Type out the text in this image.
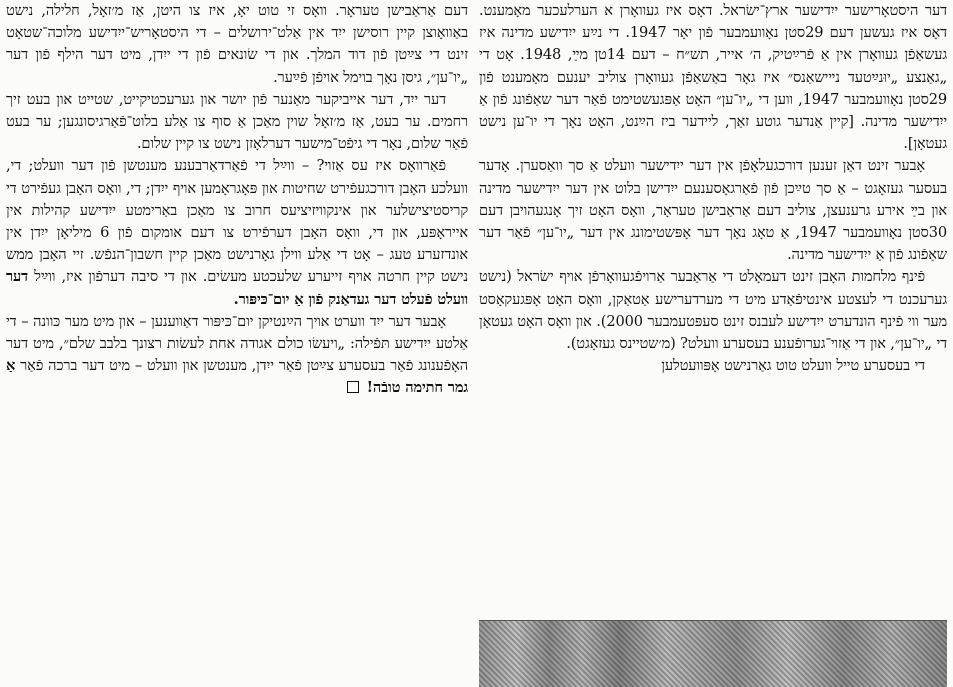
דער היסטאָרישער ייִדישער ארץ־ישׂראל. דאָס איז געוואָרן א הערלעכער מאָמענט. דאָס איז געשען דעם 29סטן נאָוועמבער פֿון יאָר 1947. די נײַע ייִדישע מדינה איז געשאַפֿן געוואָרן אין אַ פֿרײַטיק, ה׳ אייר, תש״ח – דעם 14טן מײַ, 1948. אָט די „גאַנצע „יוּנײַטעד נײישאַנס״ איז גאָר באַשאַפֿן געוואָרן צוליב יענעם מאָמענט פֿון 29סטן נאָוועמבער 1947, ווען די „יו־ען״ האָט אַפּגעשטימט פֿאַר דער שאַפֿונג פֿון אַ ייִדישער מדינה. [קיין אַנדער גוטע זאַך, ליידער ביז הײַנט, האָט נאָך די יו־ען נישט געטאָן].

אָבער זינט דאַן זענען דורכגעלאָפֿן אין דער ייִדישער וועלט אַ סך וואַסערן. אָדער בעסער געזאָגט – אַ סך טײַכן פֿון פֿאַרגאָסענעם ייִדישן בלוט אין דער ייִדישער מדינה און בײַ אירע גרענעצן, צוליב דעם אַראַבישן טעראָר, וואָס האָט זיך אָנגעהויבן דעם 30סטן נאָוועמבער 1947, אַ טאָג נאָך דער אָפּשטימונג אין דער „יו־ען״ פֿאַר דער שאַפֿונג פֿון אַ ייִדישער מדינה.

פֿינף מלחמות האָבן זינט דעמאָלט די אַראַבער אַרױפֿגעוואָרפֿן אױף ישׂראל (נישט גערעכנט די לעצטע אינטיפֿאַדע מיט די מערדערישע אַטאַקן, וואָס האָט אָפּגעקאָסט מער ווי פֿינף הונדערט ייִדישע לעבנס זינט סעפּטעמבער 2000). און וואָס האָט געטאָן די „יו־ען״, און די אַזױ־גערופֿענע בעסערע וועלט? (מ׳שטיינס געזאָגט).

די בעסערע טייל וועלט טוט גאַרנישט אָפּװעטלען

דעם אַראַבישן טעראָר. וואָס זי טוט יאָ, איז צו היטן, אַז מ׳זאָל, חלילה, נישט באַוואָוצן קיין רוסישן ייִד אין אַלט־ירושלים – די היסטאָריש־ייִדישע מלוכה־שטאָט זינט די צײַטן פֿון דוד המלך. און די שׂונאים פֿון די ייִדן, מיט דער הילף פֿון דער „יו־ען״, גיסן נאָך בוימל אױפֿן פֿײַער.

דער ייִד, דער אייביקער מאַנער פֿון יושר און גערעכטיקייט, שטייט און בעט זיך רחמים. ער בעט, אַז מ׳זאָל שוין מאַכן אַ סוף צו אַלע בלוט־פֿאַרגיסונגען; ער בעט פֿאַר שלום, נאָר די גיפֿט־מישער דערלאָזן נישט צו קיין שלום.

פֿאַרוואָס איז עס אַזױ? – ווײַל די פֿאַרדאַרבענע מענטשן פֿון דער וועלט; די, וועלכע האָבן דורכגעפֿירט שחיטות און פּאָגראָמען אױף ייִדן; די, וואָס האָבן געפֿירט די קריסטיצישלער און אינקוויזיציעס חרוב צו מאַכן באַרימטע ייִדישע קהילות אין אייראָפּע, און די, וואָס האָבן דערפֿירט צו דעם אומקום פֿון 6 מיליאָן ייִדן אין אונדזערע טעג – אָט די אַלע ווילן גאָרנישט מאַכן קיין חשבון־הנפֿש. זיי האָבן ממש נישט קיין חרטה אױף זייערע שלעכטע מעשׂים. און די סיבה דערפֿון איז, ווײַל דער וועלט פֿעלט דער געדאַנק פֿון אַ יום־כּיפּור.

אָבער דער ייִד ווערט אױך הײַנטיקן יום־כּיפּור דאַווענען – און מיט מער כּוונה – די אַלטע ייִדישע תּפֿילה: „ויעשׂו כולם אגודה אחת לעשׂות רצונך בלבב שלם״, מיט דער האָפֿענונג פֿאַר בעסערע צײַטן פֿאַר ייִדן, מענטשן און וועלט – מיט דער ברכה פֿאַר אַ גמר חתימה טובֿה!
